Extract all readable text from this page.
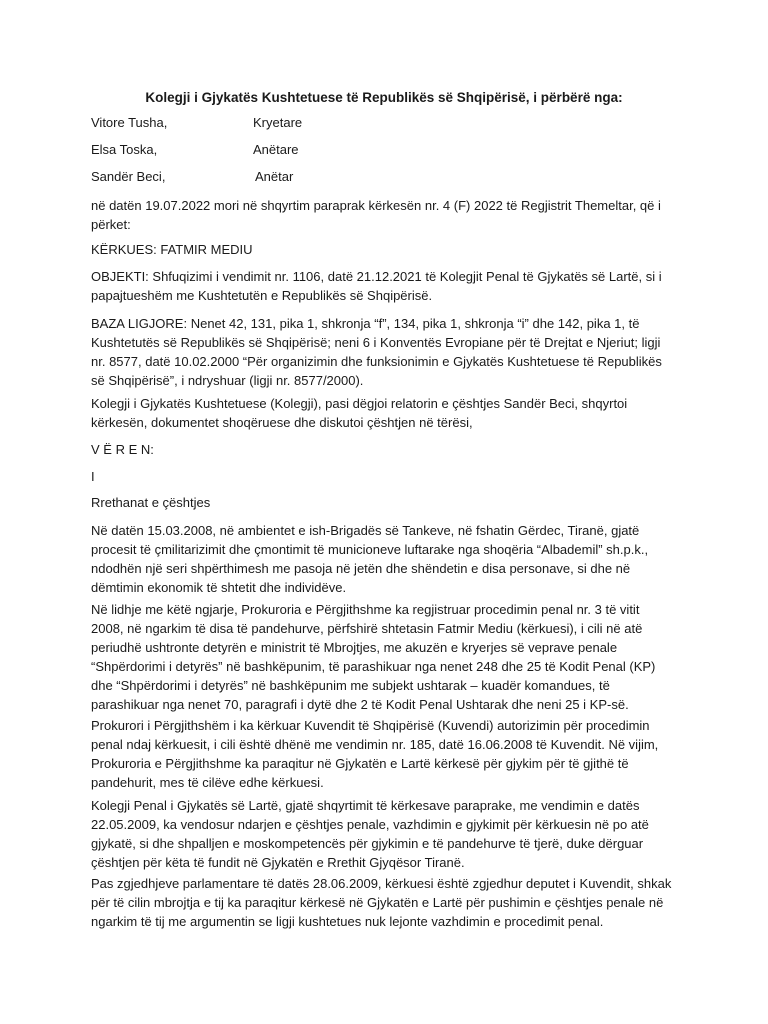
Kolegji i Gjykatës Kushtetuese të Republikës së Shqipërisë, i përbërë nga:
Vitore Tusha,	Kryetare
Elsa Toska,	Anëtare
Sandër Beci,	Anëtar

në datën 19.07.2022 mori në shqyrtim paraprak kërkesën nr. 4 (F) 2022 të Regjistrit Themeltar, që i

përket:

KËRKUES: FATMIR MEDIU

OBJEKTI: Shfuqizimi i vendimit nr. 1106, datë 21.12.2021 të Kolegjit Penal të Gjykatës së Lartë, si i

papajtueshëm me Kushtetutën e Republikës së Shqipërisë.

BAZA LIGJORE: Nenet 42, 131, pika 1, shkronja “f”, 134, pika 1, shkronja “i” dhe 142, pika 1, të

Kushtetutës së Republikës së Shqipërisë; neni 6 i Konventës Evropiane për të Drejtat e Njeriut; ligji

nr. 8577, datë 10.02.2000 “Për organizimin dhe funksionimin e Gjykatës Kushtetuese të Republikës

së Shqipërisë”, i ndryshuar (ligji nr. 8577/2000).

Kolegji i Gjykatës Kushtetuese (Kolegji), pasi dëgjoi relatorin e çështjes Sandër Beci, shqyrtoi

kërkesën, dokumentet shoqëruese dhe diskutoi çështjen në tërësi,

V Ë R E N:

I

Rrethanat e çështjes

Në datën 15.03.2008, në ambientet e ish-Brigadës së Tankeve, në fshatin Gërdec, Tiranë, gjatë

procesit të çmilitarizimit dhe çmontimit të municioneve luftarake nga shoqëria “Albademil” sh.p.k.,

ndodhën një seri shpërthimesh me pasoja në jetën dhe shëndetin e disa personave, si dhe në

dëmtimin ekonomik të shtetit dhe individëve.

Në lidhje me këtë ngjarje, Prokuroria e Përgjithshme ka regjistruar procedimin penal nr. 3 të vitit

2008, në ngarkim të disa të pandehurve, përfshirë shtetasin Fatmir Mediu (kërkuesi), i cili në atë

periudhë ushtronte detyrën e ministrit të Mbrojtjes, me akuzën e kryerjes së veprave penale

“Shpërdorimi i detyrës” në bashkëpunim, të parashikuar nga nenet 248 dhe 25 të Kodit Penal (KP)

dhe “Shpërdorimi i detyrës” në bashkëpunim me subjekt ushtarak – kuadër komandues, të

parashikuar nga nenet 70, paragrafi i dytë dhe 2 të Kodit Penal Ushtarak dhe neni 25 i KP-së.

Prokurori i Përgjithshëm i ka kërkuar Kuvendit të Shqipërisë (Kuvendi) autorizimin për procedimin

penal ndaj kërkuesit, i cili është dhënë me vendimin nr. 185, datë 16.06.2008 të Kuvendit. Në vijim,

Prokuroria e Përgjithshme ka paraqitur në Gjykatën e Lartë kërkesë për gjykim për të gjithë të

pandehurit, mes të cilëve edhe kërkuesi.

Kolegji Penal i Gjykatës së Lartë, gjatë shqyrtimit të kërkesave paraprake, me vendimin e datës

22.05.2009, ka vendosur ndarjen e çështjes penale, vazhdimin e gjykimit për kërkuesin në po atë

gjykatë, si dhe shpalljen e moskompetencës për gjykimin e të pandehurve të tjerë, duke dërguar

çështjen për këta të fundit në Gjykatën e Rrethit Gjyqësor Tiranë.

Pas zgjedhjeve parlamentare të datës 28.06.2009, kërkuesi është zgjedhur deputet i Kuvendit, shkak

për të cilin mbrojtja e tij ka paraqitur kërkesë në Gjykatën e Lartë për pushimin e çështjes penale në

ngarkim të tij me argumentin se ligji kushtetues nuk lejonte vazhdimin e procedimit penal.
